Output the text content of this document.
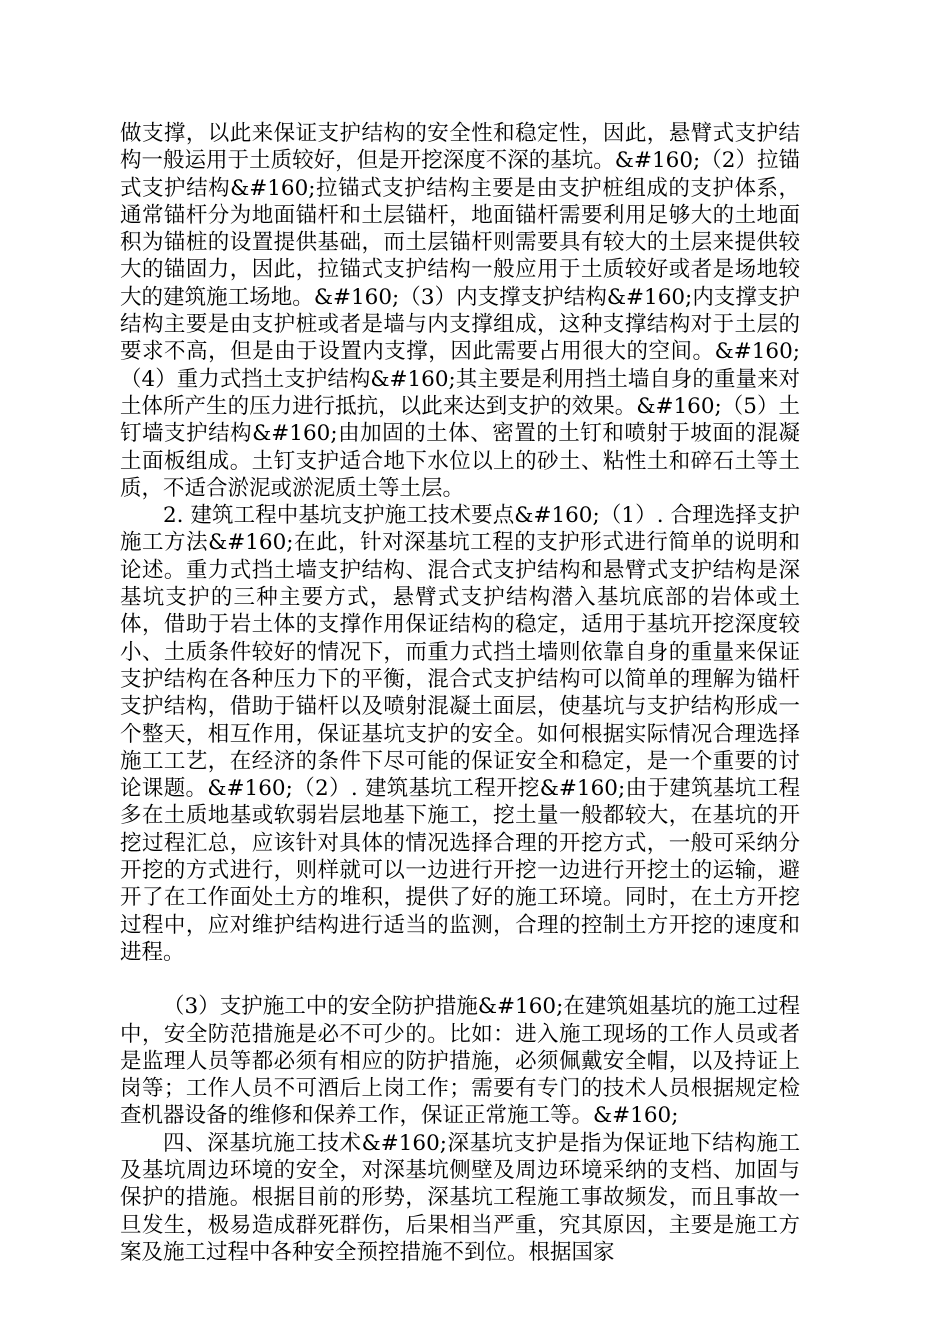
做支撑，以此来保证支护结构的安全性和稳定性，因此，悬臂式支护结构一般运用于土质较好，但是开挖深度不深的基坑。&#160;（2）拉锚式支护结构&#160;拉锚式支护结构主要是由支护桩组成的支护体系，通常锚杆分为地面锚杆和土层锚杆，地面锚杆需要利用足够大的土地面积为锚桩的设置提供基础，而土层锚杆则需要具有较大的土层来提供较大的锚固力，因此，拉锚式支护结构一般应用于土质较好或者是场地较大的建筑施工场地。&#160;（3）内支撑支护结构&#160;内支撑支护结构主要是由支护桩或者是墙与内支撑组成，这种支撑结构对于土层的要求不高，但是由于设置内支撑，因此需要占用很大的空间。&#160;（4）重力式挡土支护结构&#160;其主要是利用挡土墙自身的重量来对土体所产生的压力进行抵抗，以此来达到支护的效果。&#160;（5）土钉墙支护结构&#160;由加固的土体、密置的土钉和喷射于坡面的混凝土面板组成。土钉支护适合地下水位以上的砂土、粘性土和碎石土等土质，不适合淤泥或淤泥质土等土层。

2. 建筑工程中基坑支护施工技术要点&#160;（1）. 合理选择支护施工方法&#160;在此，针对深基坑工程的支护形式进行简单的说明和论述。重力式挡土墙支护结构、混合式支护结构和悬臂式支护结构是深基坑支护的三种主要方式，悬臂式支护结构潜入基坑底部的岩体或土体，借助于岩土体的支撑作用保证结构的稳定，适用于基坑开挖深度较小、土质条件较好的情况下，而重力式挡土墙则依靠自身的重量来保证支护结构在各种压力下的平衡，混合式支护结构可以简单的理解为锚杆支护结构，借助于锚杆以及喷射混凝土面层，使基坑与支护结构形成一个整天，相互作用，保证基坑支护的安全。如何根据实际情况合理选择施工工艺，在经济的条件下尽可能的保证安全和稳定，是一个重要的讨论课题。&#160;（2）. 建筑基坑工程开挖&#160;由于建筑基坑工程多在土质地基或软弱岩层地基下施工，挖土量一般都较大，在基坑的开挖过程汇总，应该针对具体的情况选择合理的开挖方式，一般可采纳分开挖的方式进行，则样就可以一边进行开挖一边进行开挖土的运输，避开了在工作面处土方的堆积，提供了好的施工环境。同时，在土方开挖过程中，应对维护结构进行适当的监测，合理的控制土方开挖的速度和进程。

（3）支护施工中的安全防护措施&#160;在建筑姐基坑的施工过程中，安全防范措施是必不可少的。比如：进入施工现场的工作人员或者是监理人员等都必须有相应的防护措施，必须佩戴安全帽，以及持证上岗等；工作人员不可酒后上岗工作；需要有专门的技术人员根据规定检查机器设备的维修和保养工作，保证正常施工等。&#160;

四、深基坑施工技术&#160;深基坑支护是指为保证地下结构施工及基坑周边环境的安全，对深基坑侧壁及周边环境采纳的支档、加固与保护的措施。根据目前的形势，深基坑工程施工事故频发，而且事故一旦发生，极易造成群死群伤，后果相当严重，究其原因，主要是施工方案及施工过程中各种安全预控措施不到位。根据国家
